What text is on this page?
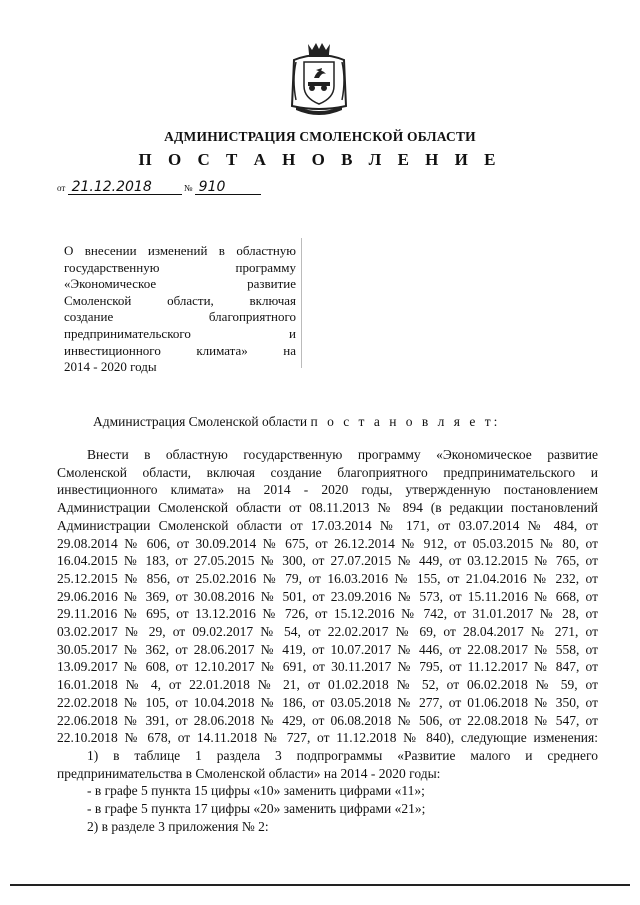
АДМИНИСТРАЦИЯ СМОЛЕНСКОЙ ОБЛАСТИ
П О С Т А Н О В Л Е Н И Е
от 21.12.2018	№ 910
О внесении изменений в областную
государственную программу
«Экономическое развитие
Смоленской области, включая
создание благоприятного
предпринимательского и
инвестиционного климата» на
2014 - 2020 годы
Администрация Смоленской области п о с т а н о в л я е т:
Внести в областную государственную программу «Экономическое развитие
Смоленской области, включая создание благоприятного предпринимательского и
инвестиционного климата» на 2014 - 2020 годы, утвержденную постановлением
Администрации Смоленской области от 08.11.2013 № 894 (в редакции постановлений
Администрации Смоленской области от 17.03.2014 № 171, от 03.07.2014 № 484, от
29.08.2014 № 606, от 30.09.2014 № 675, от 26.12.2014 № 912, от 05.03.2015 № 80, от
16.04.2015 № 183, от 27.05.2015 № 300, от 27.07.2015 № 449, от 03.12.2015 № 765, от
25.12.2015 № 856, от 25.02.2016 № 79, от 16.03.2016 № 155, от 21.04.2016 № 232, от
29.06.2016 № 369, от 30.08.2016 № 501, от 23.09.2016 № 573, от 15.11.2016 № 668, от
29.11.2016 № 695, от 13.12.2016 № 726, от 15.12.2016 № 742, от 31.01.2017 № 28, от
03.02.2017 № 29, от 09.02.2017 № 54, от 22.02.2017 № 69, от 28.04.2017 № 271, от
30.05.2017 № 362, от 28.06.2017 № 419, от 10.07.2017 № 446, от 22.08.2017 № 558, от
13.09.2017 № 608, от 12.10.2017 № 691, от 30.11.2017 № 795, от 11.12.2017 № 847, от
16.01.2018 № 4, от 22.01.2018 № 21, от 01.02.2018 № 52, от 06.02.2018 № 59, от
22.02.2018 № 105, от 10.04.2018 № 186, от 03.05.2018 № 277, от 01.06.2018 № 350, от
22.06.2018 № 391, от 28.06.2018 № 429, от 06.08.2018 № 506, от 22.08.2018 № 547, от
22.10.2018 № 678, от 14.11.2018 № 727, от 11.12.2018 № 840), следующие изменения:
1) в таблице 1 раздела 3 подпрограммы «Развитие малого и среднего
предпринимательства в Смоленской области» на 2014 - 2020 годы:
- в графе 5 пункта 15 цифры «10» заменить цифрами «11»;
- в графе 5 пункта 17 цифры «20» заменить цифрами «21»;
2) в разделе 3 приложения № 2:
